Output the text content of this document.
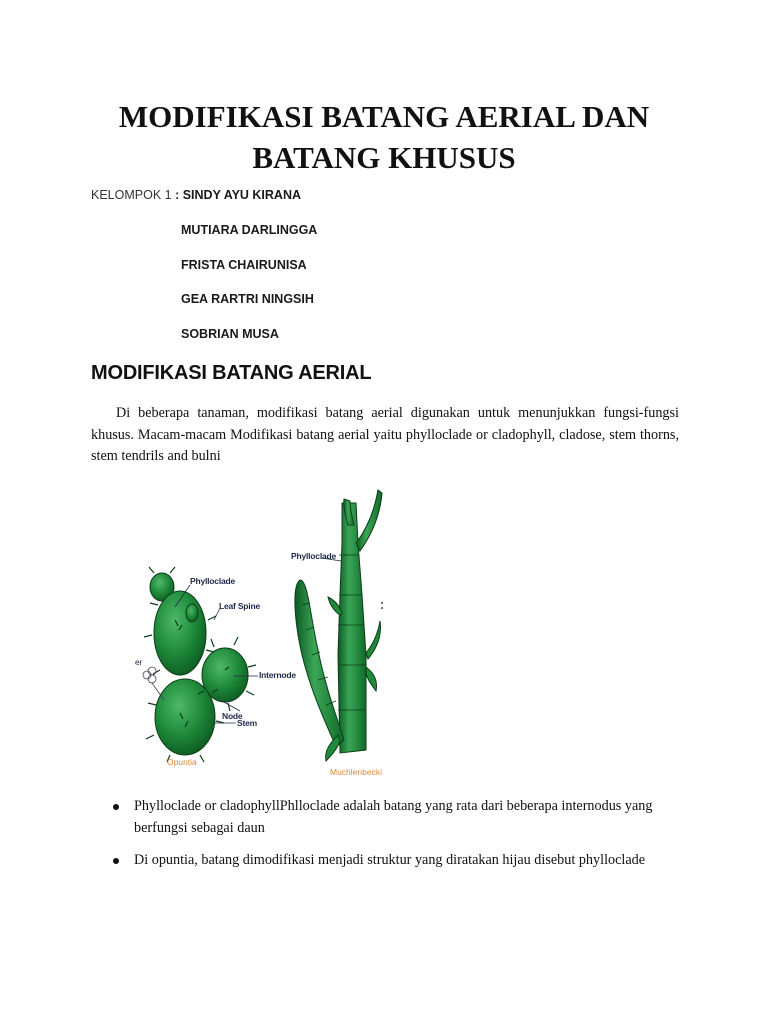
MODIFIKASI BATANG AERIAL DAN
BATANG KHUSUS
KELOMPOK 1 : SINDY AYU KIRANA
MUTIARA DARLINGGA
FRISTA CHAIRUNISA
GEA RARTRI NINGSIH
SOBRIAN MUSA
MODIFIKASI BATANG AERIAL

Di beberapa tanaman, modifikasi batang aerial digunakan untuk menunjukkan fungsi-fungsi khusus. Macam-macam Modifikasi batang aerial yaitu phylloclade or cladophyll, cladose, stem thorns, stem tendrils and bulni

Phylloclade
Leaf Spine
Internode
Node
Stem
er
Opuntia
Phylloclade
Muchlenbecki
Phylloclade or cladophyllPhlloclade adalah batang yang rata dari beberapa internodus yang berfungsi sebagai daun
Di opuntia, batang dimodifikasi menjadi struktur yang diratakan hijau disebut phylloclade
